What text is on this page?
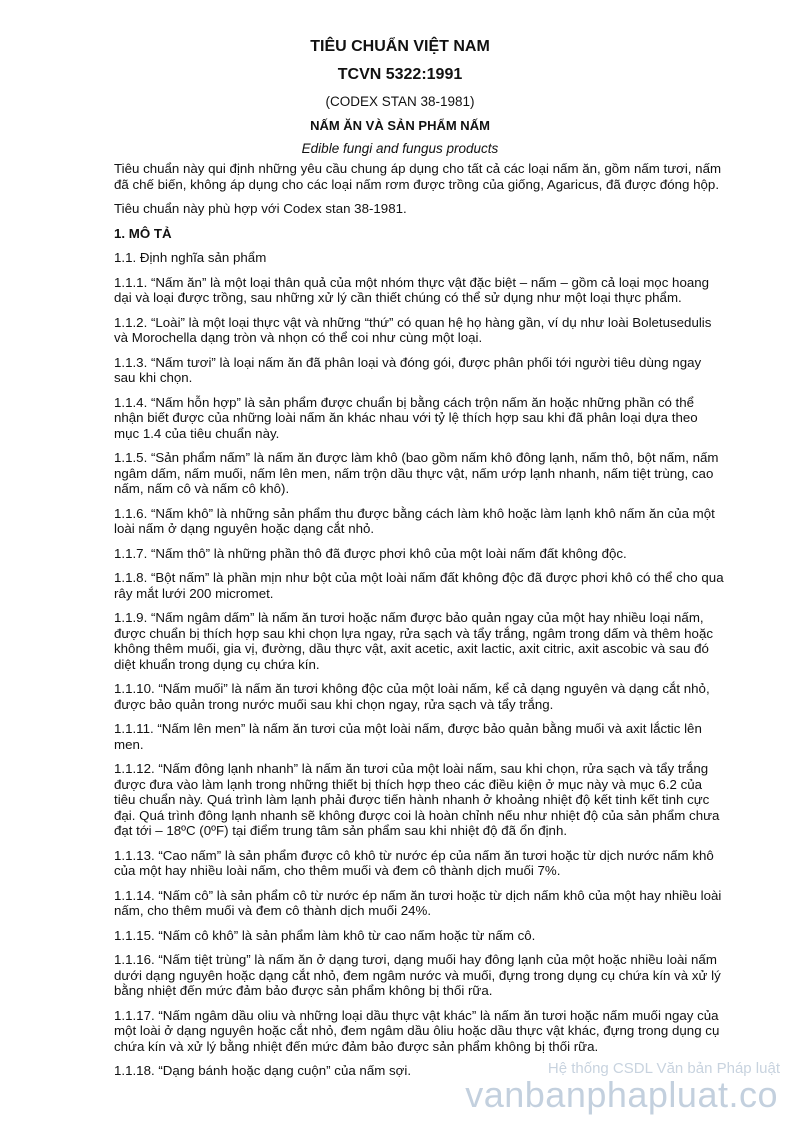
TIÊU CHUẨN VIỆT NAM
TCVN 5322:1991
(CODEX STAN 38-1981)
NẤM ĂN VÀ SẢN PHẨM NẤM
Edible fungi and fungus products

Tiêu chuẩn này qui định những yêu cầu chung áp dụng cho tất cả các loại nấm ăn, gồm nấm tươi, nấm đã chế biến, không áp dụng cho các loại nấm rơm được trồng của giống, Agaricus, đã được đóng hộp.

Tiêu chuẩn này phù hợp với Codex stan 38-1981.

1. MÔ TẢ

1.1. Định nghĩa sản phẩm

1.1.1. “Nấm ăn” là một loại thân quả của một nhóm thực vật đặc biệt – nấm – gồm cả loại mọc hoang dại và loại được trồng, sau những xử lý cần thiết chúng có thể sử dụng như một loại thực phẩm.

1.1.2. “Loài” là một loại thực vật và những “thứ” có quan hệ họ hàng gần, ví dụ như loài Boletusedulis và Morochella dạng tròn và nhọn có thể coi như cùng một loại.

1.1.3. “Nấm tươi” là loại nấm ăn đã phân loại và đóng gói, được phân phối tới người tiêu dùng ngay sau khi chọn.

1.1.4. “Nấm hỗn hợp” là sản phẩm được chuẩn bị bằng cách trộn nấm ăn hoặc những phần có thể nhận biết được của những loài nấm ăn khác nhau với tỷ lệ thích hợp sau khi đã phân loại dựa theo mục 1.4 của tiêu chuẩn này.

1.1.5. “Sản phẩm nấm” là nấm ăn được làm khô (bao gồm nấm khô đông lạnh, nấm thô, bột nấm, nấm ngâm dấm, nấm muối, nấm lên men, nấm trộn dầu thực vật, nấm ướp lạnh nhanh, nấm tiệt trùng, cao nấm, nấm cô và nấm cô khô).

1.1.6. “Nấm khô” là những sản phẩm thu được bằng cách làm khô hoặc làm lạnh khô nấm ăn của một loài nấm ở dạng nguyên hoặc dạng cắt nhỏ.

1.1.7. “Nấm thô” là những phần thô đã được phơi khô của một loài nấm đất không độc.

1.1.8. “Bột nấm” là phần mịn như bột của một loài nấm đất không độc đã được phơi khô có thể cho qua rây mắt lưới 200 micromet.

1.1.9. “Nấm ngâm dấm” là nấm ăn tươi hoặc nấm được bảo quản ngay của một hay nhiều loại nấm, được chuẩn bị thích hợp sau khi chọn lựa ngay, rửa sạch và tẩy trắng, ngâm trong dấm và thêm hoặc không thêm muối, gia vị, đường, dầu thực vật, axit acetic, axit lactic, axit citric, axit ascobic và sau đó diệt khuẩn trong dụng cụ chứa kín.

1.1.10. “Nấm muối” là nấm ăn tươi không độc của một loài nấm, kể cả dạng nguyên và dạng cắt nhỏ, được bảo quản trong nước muối sau khi chọn ngay, rửa sạch và tẩy trắng.

1.1.11. “Nấm lên men” là nấm ăn tươi của một loài nấm, được bảo quản bằng muối và axit lắctic lên men.

1.1.12. “Nấm đông lạnh nhanh” là nấm ăn tươi của một loài nấm, sau khi chọn, rửa sạch và tẩy trắng được đưa vào làm lạnh trong những thiết bị thích hợp theo các điều kiện ở mục này và mục 6.2 của tiêu chuẩn này. Quá trình làm lạnh phải được tiến hành nhanh ở khoảng nhiệt độ kết tinh kết tinh cực đại. Quá trình đông lạnh nhanh sẽ không được coi là hoàn chỉnh nếu như nhiệt độ của sản phẩm chưa đạt tới – 18ºC (0ºF) tại điểm trung tâm sản phẩm sau khi nhiệt độ đã ổn định.

1.1.13. “Cao nấm” là sản phẩm được cô khô từ nước ép của nấm ăn tươi hoặc từ dịch nước nấm khô của một hay nhiều loài nấm, cho thêm muối và đem cô thành dịch muối 7%.

1.1.14. “Nấm cô” là sản phẩm cô từ nước ép nấm ăn tươi hoặc từ dịch nấm khô của một hay nhiều loài nấm, cho thêm muối và đem cô thành dịch muối 24%.

1.1.15. “Nấm cô khô” là sản phẩm làm khô từ cao nấm hoặc từ nấm cô.

1.1.16. “Nấm tiệt trùng” là nấm ăn ở dạng tươi, dạng muối hay đông lạnh của một hoặc nhiều loài nấm dưới dạng nguyên hoặc dạng cắt nhỏ, đem ngâm nước và muối, đựng trong dụng cụ chứa kín và xử lý bằng nhiệt đến mức đảm bảo được sản phẩm không bị thối rữa.

1.1.17. “Nấm ngâm dầu oliu và những loại dầu thực vật khác” là nấm ăn tươi hoặc nấm muối ngay của một loài ở dạng nguyên hoặc cắt nhỏ, đem ngâm dầu ôliu hoặc dầu thực vật khác, đựng trong dụng cụ chứa kín và xử lý bằng nhiệt đến mức đảm bảo được sản phẩm không bị thối rữa.

1.1.18. “Dạng bánh hoặc dạng cuộn” của nấm sợi.	Hệ thống CSDL Văn bản Pháp luật
vanbanphapluat.co
